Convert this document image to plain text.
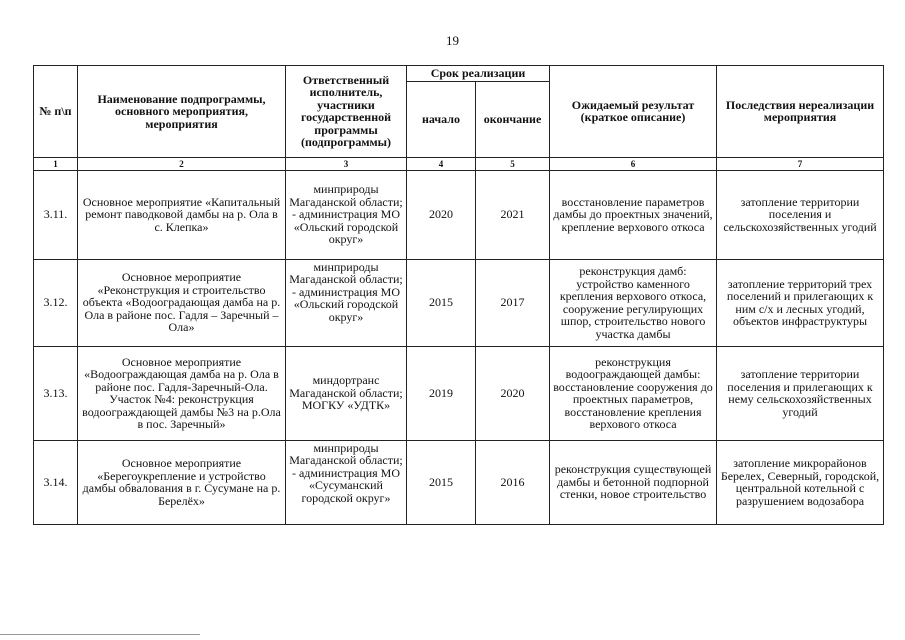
19
№ п\п	Наименование подпрограммы, основного мероприятия, мероприятия	Ответственный исполнитель, участники государственной программы (подпрограммы)	Срок реализации		Ожидаемый результат (краткое описание)	Последствия нереализации мероприятия
			начало	окончание		
1	2	3	4	5	6	7
3.11.	Основное мероприятие «Капитальный ремонт паводковой дамбы на р. Ола в с. Клепка»	минприроды Магаданской области; - администрация МО «Ольский городской округ»	2020	2021	восстановление параметров дамбы до проектных значений, крепление верхового откоса	затопление территории поселения и сельскохозяйственных угодий
3.12.	Основное мероприятие «Реконструкция и строительство объекта «Водооградающая дамба на р. Ола в районе пос. Гадля – Заречный – Ола»	минприроды Магаданской области; - администрация МО «Ольский городской округ»	2015	2017	реконструкция дамб: устройство каменного крепления верхового откоса, сооружение регулирующих шпор, строительство нового участка дамбы	затопление территорий трех поселений и прилегающих к ним с/х и лесных угодий, объектов инфраструктуры
3.13.	Основное мероприятие «Водоограждающая дамба на р. Ола в районе пос. Гадля-Заречный-Ола. Участок №4: реконструкция водоограждающей дамбы №3 на р.Ола в пос. Заречный»	миндортранс Магаданской области; МОГКУ «УДТК»	2019	2020	реконструкция водоограждающей дамбы: восстановление сооружения до проектных параметров, восстановление крепления верхового откоса	затопление территории поселения и прилегающих к нему сельскохозяйственных угодий
3.14.	Основное мероприятие «Берегоукрепление и устройство дамбы обвалования в г. Сусумане на р. Берелёх»	минприроды Магаданской области; - администрация МО «Сусуманский городской округ»	2015	2016	реконструкция существующей дамбы и бетонной подпорной стенки, новое строительство	затопление микрорайонов Берелех, Северный, городской, центральной котельной с разрушением водозабора
